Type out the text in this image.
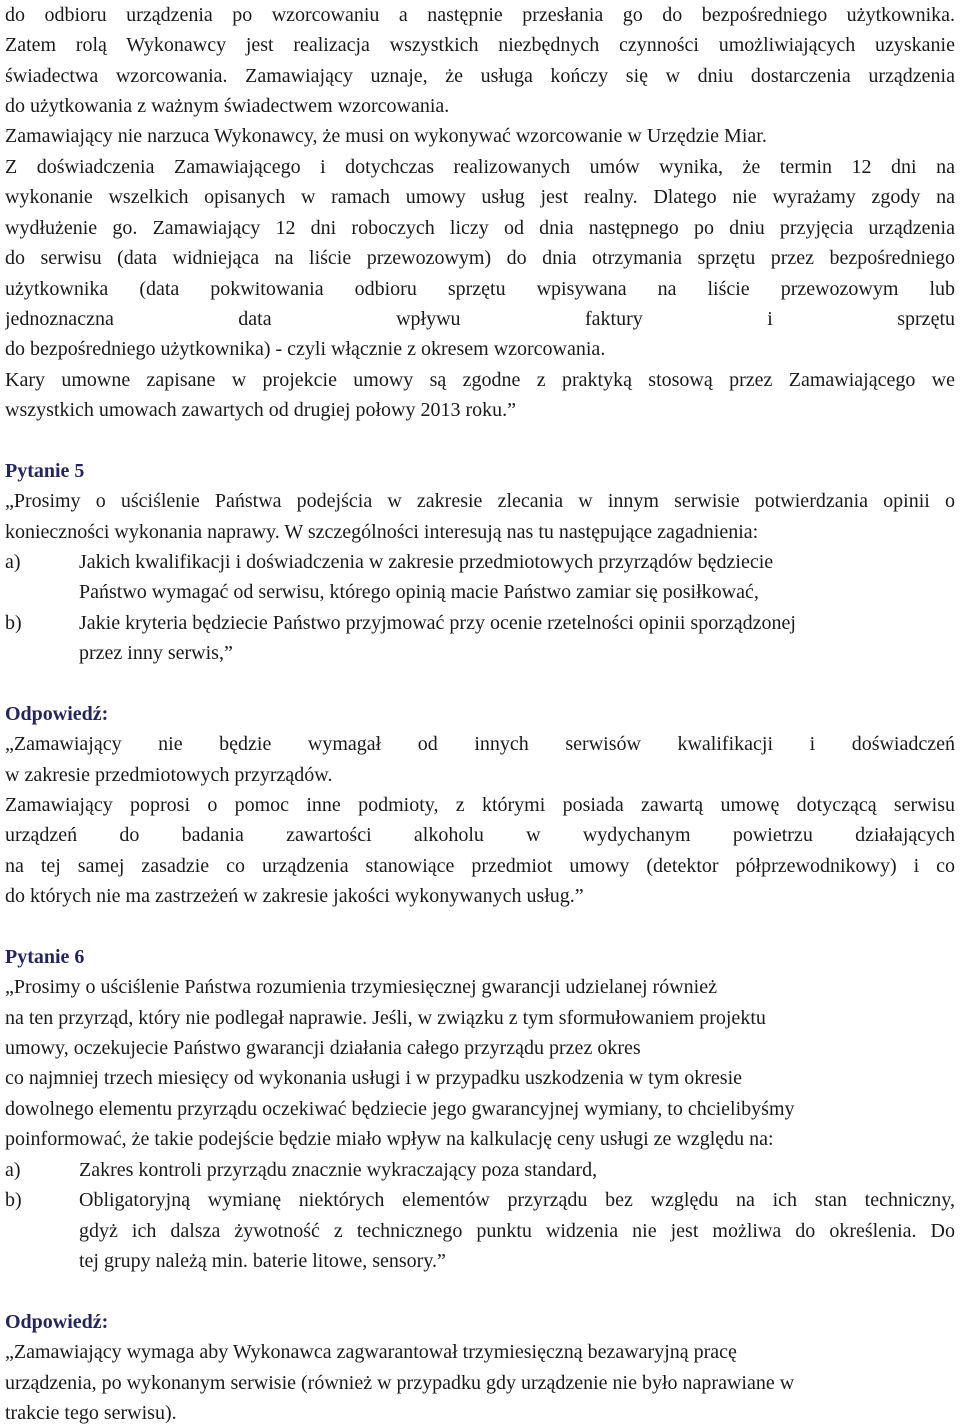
do odbioru urządzenia po wzorcowaniu a następnie przesłania go do bezpośredniego użytkownika.
Zatem rolą Wykonawcy jest realizacja wszystkich niezbędnych czynności umożliwiających uzyskanie
świadectwa wzorcowania. Zamawiający uznaje, że usługa kończy się w dniu dostarczenia urządzenia
do użytkowania z ważnym świadectwem wzorcowania.
Zamawiający nie narzuca Wykonawcy, że musi on wykonywać wzorcowanie w Urzędzie Miar.
Z doświadczenia Zamawiającego i dotychczas realizowanych umów wynika, że termin 12 dni na
wykonanie wszelkich opisanych w ramach umowy usług jest realny. Dlatego nie wyrażamy zgody na
wydłużenie go. Zamawiający 12 dni roboczych liczy od dnia następnego po dniu przyjęcia urządzenia
do serwisu (data widniejąca na liście przewozowym) do dnia otrzymania sprzętu przez bezpośredniego
użytkownika (data pokwitowania odbioru sprzętu wpisywana na liście przewozowym lub
jednoznaczna data wpływu faktury i sprzętu
do bezpośredniego użytkownika) - czyli włącznie z okresem wzorcowania.
Kary umowne zapisane w projekcie umowy są zgodne z praktyką stosową przez Zamawiającego we
wszystkich umowach zawartych od drugiej połowy 2013 roku.”
Pytanie 5
„Prosimy o uściślenie Państwa podejścia w zakresie zlecania w innym serwisie potwierdzania opinii o
konieczności wykonania naprawy. W szczególności interesują nas tu następujące zagadnienia:
a)	Jakich kwalifikacji i doświadczenia w zakresie przedmiotowych przyrządów będziecie
Państwo wymagać od serwisu, którego opinią macie Państwo zamiar się posiłkować,
b)	Jakie kryteria będziecie Państwo przyjmować przy ocenie rzetelności opinii sporządzonej
przez inny serwis,”
Odpowiedź:
„Zamawiający nie będzie wymagał od innych serwisów kwalifikacji i doświadczeń
w zakresie przedmiotowych przyrządów.
Zamawiający poprosi o pomoc inne podmioty, z którymi posiada zawartą umowę dotyczącą serwisu
urządzeń do badania zawartości alkoholu w wydychanym powietrzu działających
na tej samej zasadzie co urządzenia stanowiące przedmiot umowy (detektor półprzewodnikowy) i co
do których nie ma zastrzeżeń w zakresie jakości wykonywanych usług.”
Pytanie 6
„Prosimy o uściślenie Państwa rozumienia trzymiesięcznej gwarancji udzielanej również
na ten przyrząd, który nie podlegał naprawie. Jeśli, w związku z tym sformułowaniem projektu
umowy, oczekujecie Państwo gwarancji działania całego przyrządu przez okres
co najmniej trzech miesięcy od wykonania usługi i w przypadku uszkodzenia w tym okresie
dowolnego elementu przyrządu oczekiwać będziecie jego gwarancyjnej wymiany, to chcielibyśmy
poinformować, że takie podejście będzie miało wpływ na kalkulację ceny usługi ze względu na:
a)	Zakres kontroli przyrządu znacznie wykraczający poza standard,
b)	Obligatoryjną wymianę niektórych elementów przyrządu bez względu na ich stan techniczny,
gdyż ich dalsza żywotność z technicznego punktu widzenia nie jest możliwa do określenia. Do
tej grupy należą min. baterie litowe, sensory.”
Odpowiedź:
„Zamawiający wymaga aby Wykonawca zagwarantował trzymiesięczną bezawaryjną pracę
urządzenia, po wykonanym serwisie (również w przypadku gdy urządzenie nie było naprawiane w
trakcie tego serwisu).
